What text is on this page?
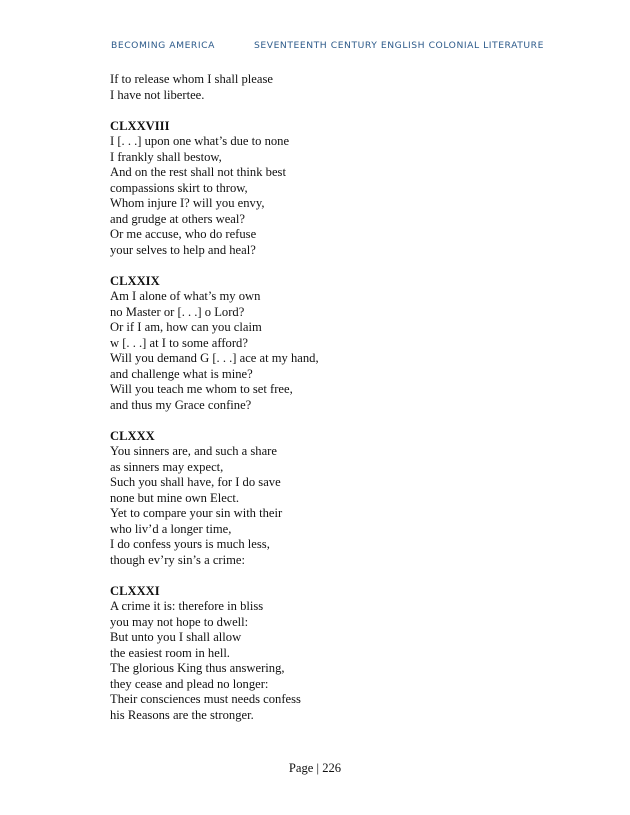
BECOMING AMERICA	SEVENTEENTH CENTURY ENGLISH COLONIAL LITERATURE
If to release whom I shall please
I have not libertee.
CLXXVIII
I [. . .] upon one what’s due to none
I frankly shall bestow,
And on the rest shall not think best
compassions skirt to throw,
Whom injure I? will you envy,
and grudge at others weal?
Or me accuse, who do refuse
your selves to help and heal?
CLXXIX
Am I alone of what’s my own
no Master or [. . .] o Lord?
Or if I am, how can you claim
w [. . .] at I to some afford?
Will you demand G [. . .] ace at my hand,
and challenge what is mine?
Will you teach me whom to set free,
and thus my Grace confine?
CLXXX
You sinners are, and such a share
as sinners may expect,
Such you shall have, for I do save
none but mine own Elect.
Yet to compare your sin with their
who liv’d a longer time,
I do confess yours is much less,
though ev’ry sin’s a crime:
CLXXXI
A crime it is: therefore in bliss
you may not hope to dwell:
But unto you I shall allow
the easiest room in hell.
The glorious King thus answering,
they cease and plead no longer:
Their consciences must needs confess
his Reasons are the stronger.
Page | 226
